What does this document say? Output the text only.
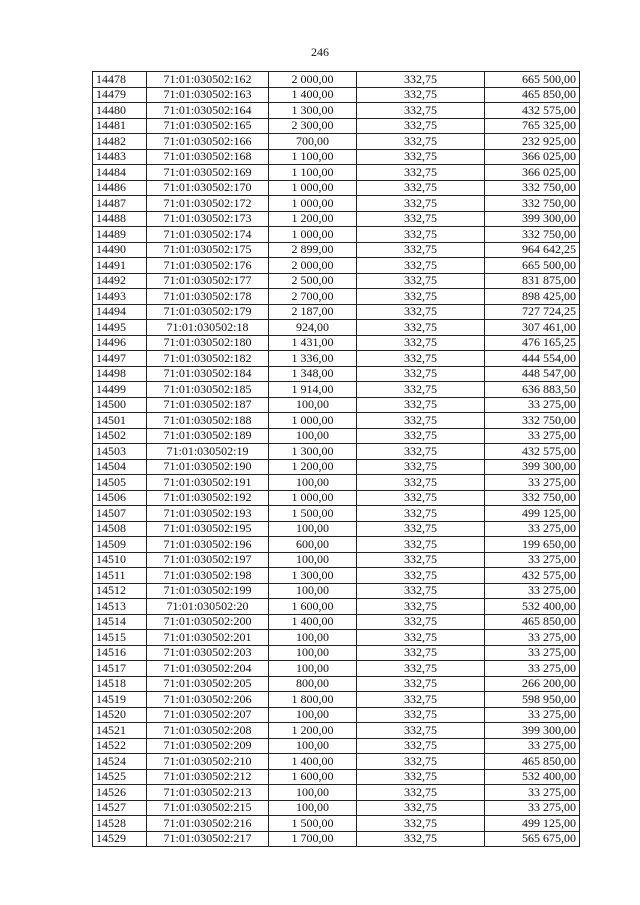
246
14478	71:01:030502:162	2 000,00	332,75	665 500,00
14479	71:01:030502:163	1 400,00	332,75	465 850,00
14480	71:01:030502:164	1 300,00	332,75	432 575,00
14481	71:01:030502:165	2 300,00	332,75	765 325,00
14482	71:01:030502:166	700,00	332,75	232 925,00
14483	71:01:030502:168	1 100,00	332,75	366 025,00
14484	71:01:030502:169	1 100,00	332,75	366 025,00
14486	71:01:030502:170	1 000,00	332,75	332 750,00
14487	71:01:030502:172	1 000,00	332,75	332 750,00
14488	71:01:030502:173	1 200,00	332,75	399 300,00
14489	71:01:030502:174	1 000,00	332,75	332 750,00
14490	71:01:030502:175	2 899,00	332,75	964 642,25
14491	71:01:030502:176	2 000,00	332,75	665 500,00
14492	71:01:030502:177	2 500,00	332,75	831 875,00
14493	71:01:030502:178	2 700,00	332,75	898 425,00
14494	71:01:030502:179	2 187,00	332,75	727 724,25
14495	71:01:030502:18	924,00	332,75	307 461,00
14496	71:01:030502:180	1 431,00	332,75	476 165,25
14497	71:01:030502:182	1 336,00	332,75	444 554,00
14498	71:01:030502:184	1 348,00	332,75	448 547,00
14499	71:01:030502:185	1 914,00	332,75	636 883,50
14500	71:01:030502:187	100,00	332,75	33 275,00
14501	71:01:030502:188	1 000,00	332,75	332 750,00
14502	71:01:030502:189	100,00	332,75	33 275,00
14503	71:01:030502:19	1 300,00	332,75	432 575,00
14504	71:01:030502:190	1 200,00	332,75	399 300,00
14505	71:01:030502:191	100,00	332,75	33 275,00
14506	71:01:030502:192	1 000,00	332,75	332 750,00
14507	71:01:030502:193	1 500,00	332,75	499 125,00
14508	71:01:030502:195	100,00	332,75	33 275,00
14509	71:01:030502:196	600,00	332,75	199 650,00
14510	71:01:030502:197	100,00	332,75	33 275,00
14511	71:01:030502:198	1 300,00	332,75	432 575,00
14512	71:01:030502:199	100,00	332,75	33 275,00
14513	71:01:030502:20	1 600,00	332,75	532 400,00
14514	71:01:030502:200	1 400,00	332,75	465 850,00
14515	71:01:030502:201	100,00	332,75	33 275,00
14516	71:01:030502:203	100,00	332,75	33 275,00
14517	71:01:030502:204	100,00	332,75	33 275,00
14518	71:01:030502:205	800,00	332,75	266 200,00
14519	71:01:030502:206	1 800,00	332,75	598 950,00
14520	71:01:030502:207	100,00	332,75	33 275,00
14521	71:01:030502:208	1 200,00	332,75	399 300,00
14522	71:01:030502:209	100,00	332,75	33 275,00
14524	71:01:030502:210	1 400,00	332,75	465 850,00
14525	71:01:030502:212	1 600,00	332,75	532 400,00
14526	71:01:030502:213	100,00	332,75	33 275,00
14527	71:01:030502:215	100,00	332,75	33 275,00
14528	71:01:030502:216	1 500,00	332,75	499 125,00
14529	71:01:030502:217	1 700,00	332,75	565 675,00
